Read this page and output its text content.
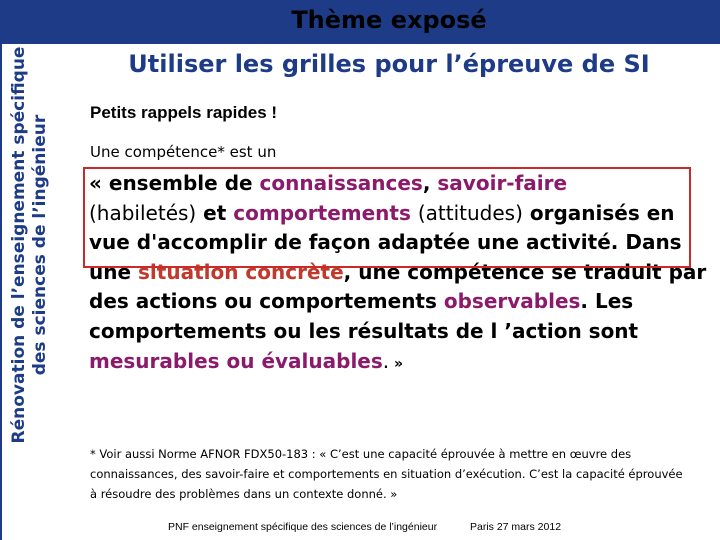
Rénovation de l’enseignement spécifique des sciences de l’ingénieur
Thème exposé
Utiliser les grilles pour l’épreuve de SI
Petits rappels rapides !
Une compétence* est un
« ensemble de connaissances, savoir-faire
(habiletés) et comportements (attitudes) organisés en vue d'accomplir de façon adaptée une activité. Dans une situation concrète, une compétence se traduit par des actions ou comportements observables. Les comportements ou les résultats de l ’action sont mesurables ou évaluables. »
* Voir aussi Norme AFNOR FDX50-183 : « C’est une capacité éprouvée à mettre en œuvre des connaissances, des savoir-faire et comportements en situation d’exécution. C’est la capacité éprouvée à résoudre des problèmes dans un contexte donné. »
PNF enseignement spécifique des sciences de l’ingénieur	Paris 27 mars 2012
